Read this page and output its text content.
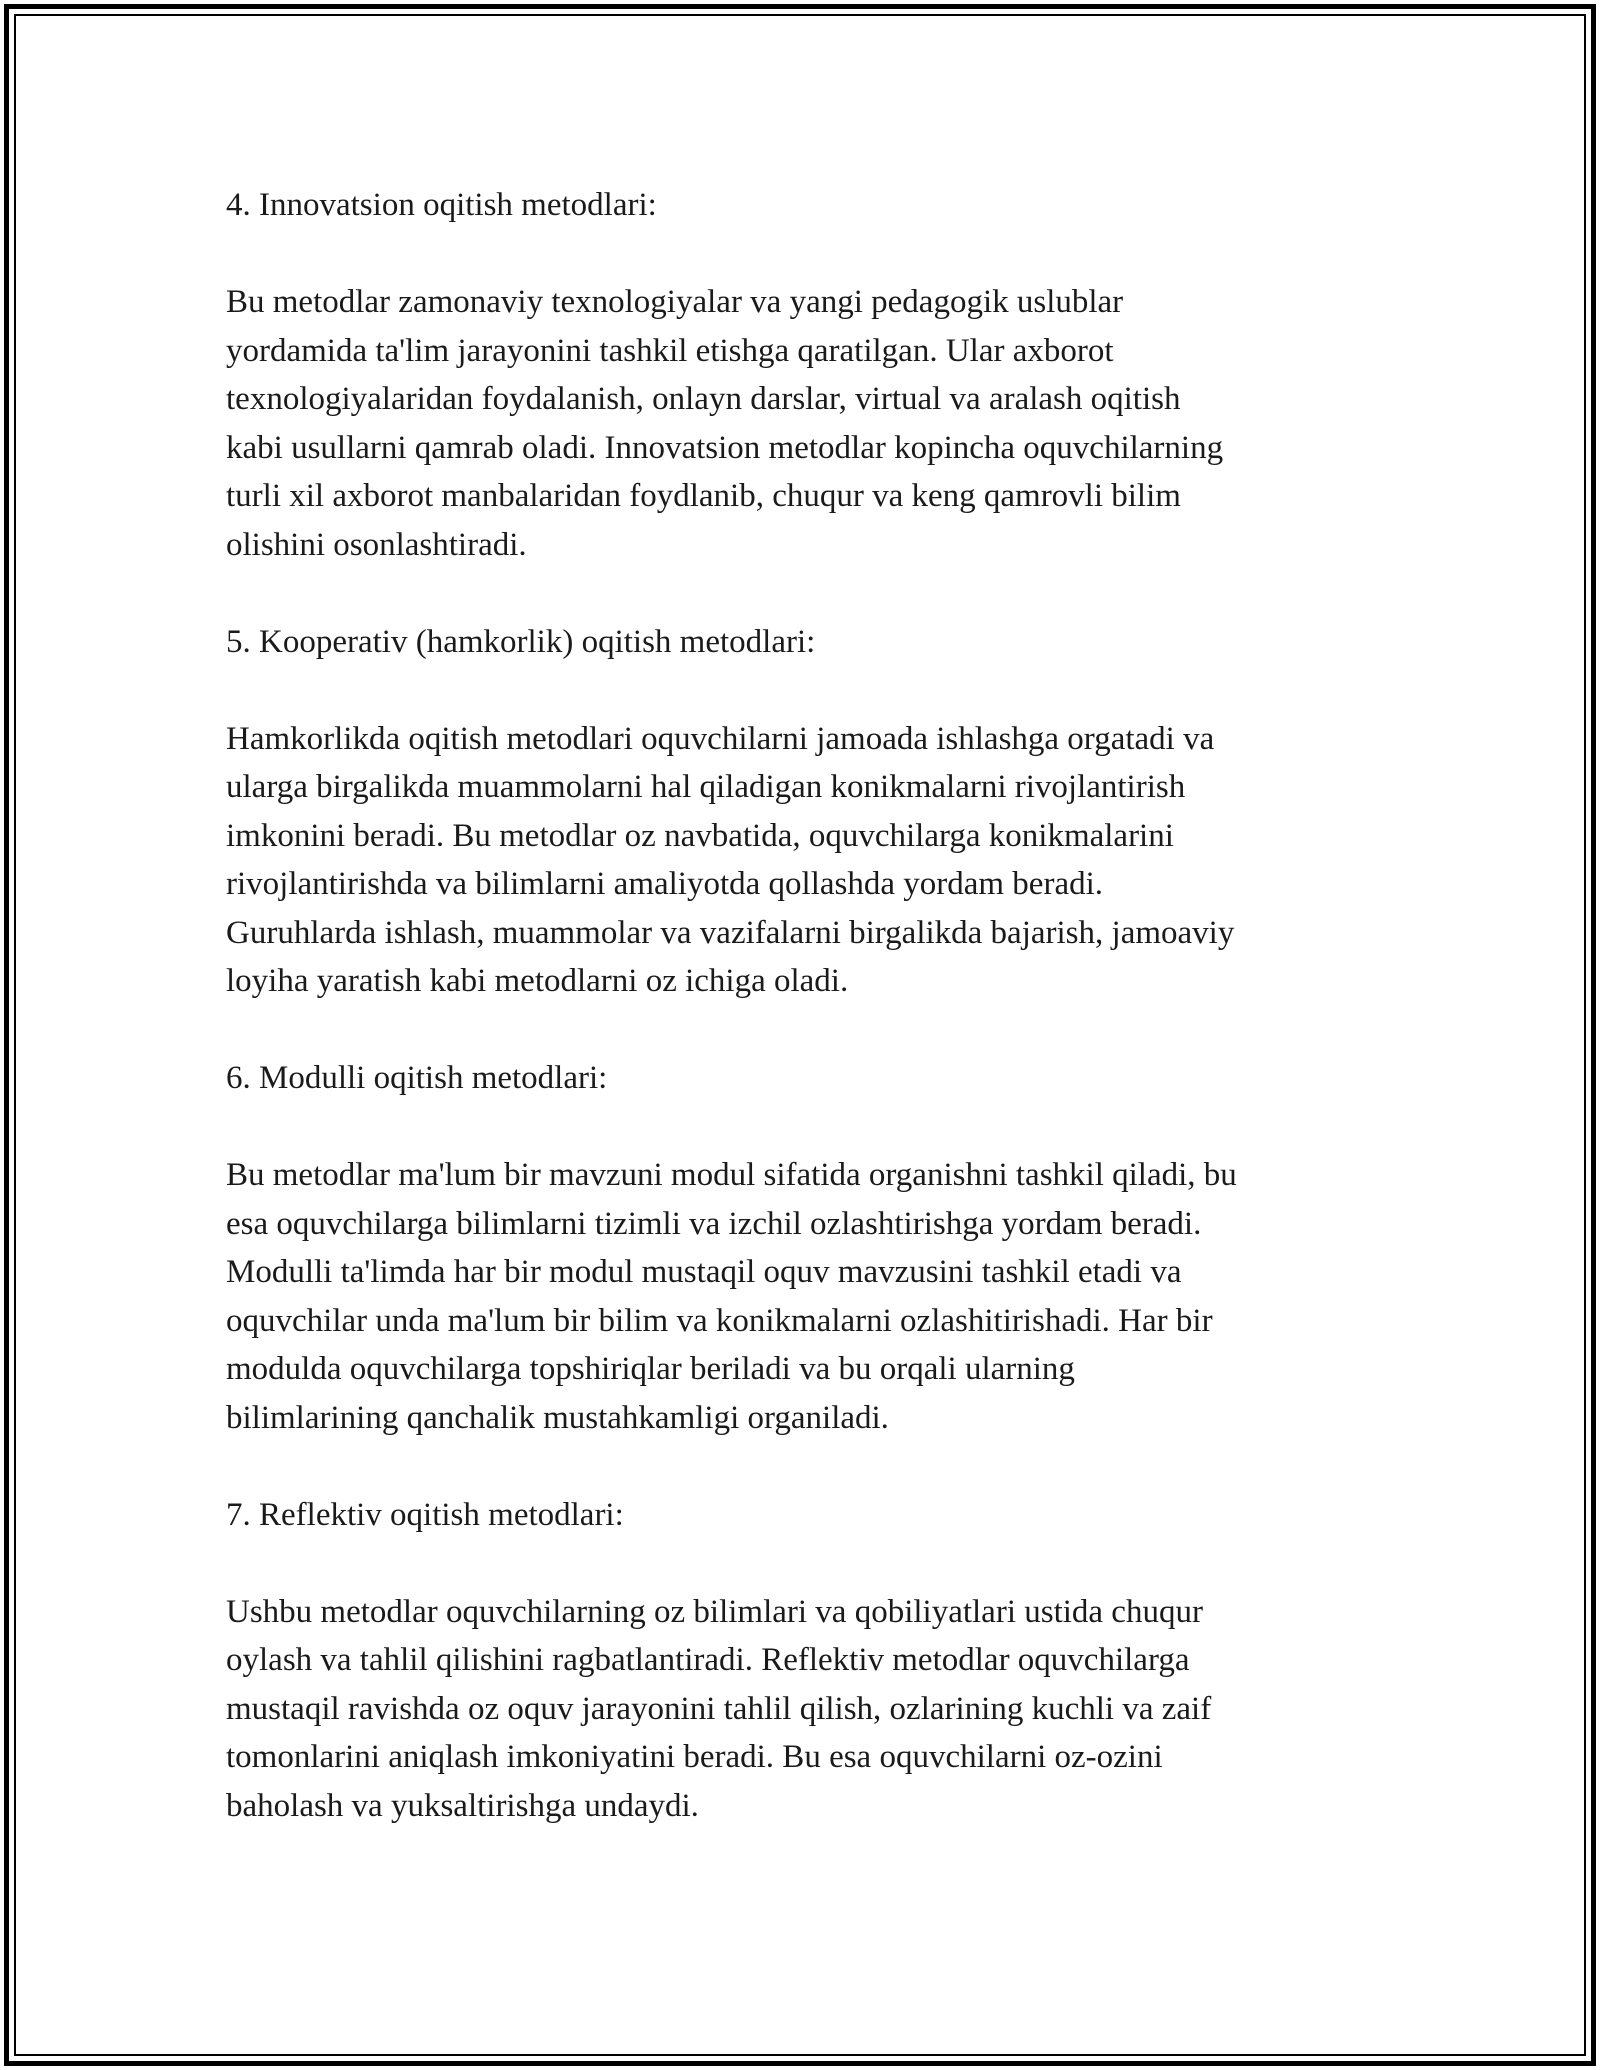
4. Innovatsion oqitish metodlari:
Bu metodlar zamonaviy texnologiyalar va yangi pedagogik uslublar
yordamida ta'lim jarayonini tashkil etishga qaratilgan. Ular axborot
texnologiyalaridan foydalanish, onlayn darslar, virtual va aralash oqitish
kabi usullarni qamrab oladi. Innovatsion metodlar kopincha oquvchilarning
turli xil axborot manbalaridan foydlanib, chuqur va keng qamrovli bilim
olishini osonlashtiradi.
5. Kooperativ (hamkorlik) oqitish metodlari:
Hamkorlikda oqitish metodlari oquvchilarni jamoada ishlashga orgatadi va
ularga birgalikda muammolarni hal qiladigan konikmalarni rivojlantirish
imkonini beradi. Bu metodlar oz navbatida, oquvchilarga konikmalarini
rivojlantirishda va bilimlarni amaliyotda qollashda yordam beradi.
Guruhlarda ishlash, muammolar va vazifalarni birgalikda bajarish, jamoaviy
loyiha yaratish kabi metodlarni oz ichiga oladi.
6. Modulli oqitish metodlari:
Bu metodlar ma'lum bir mavzuni modul sifatida organishni tashkil qiladi, bu
esa oquvchilarga bilimlarni tizimli va izchil ozlashtirishga yordam beradi.
Modulli ta'limda har bir modul mustaqil oquv mavzusini tashkil etadi va
oquvchilar unda ma'lum bir bilim va konikmalarni ozlashitirishadi. Har bir
modulda oquvchilarga topshiriqlar beriladi va bu orqali ularning
bilimlarining qanchalik mustahkamligi organiladi.
7. Reflektiv oqitish metodlari:
Ushbu metodlar oquvchilarning oz bilimlari va qobiliyatlari ustida chuqur
oylash va tahlil qilishini ragbatlantiradi. Reflektiv metodlar oquvchilarga
mustaqil ravishda oz oquv jarayonini tahlil qilish, ozlarining kuchli va zaif
tomonlarini aniqlash imkoniyatini beradi. Bu esa oquvchilarni oz-ozini
baholash va yuksaltirishga undaydi.
